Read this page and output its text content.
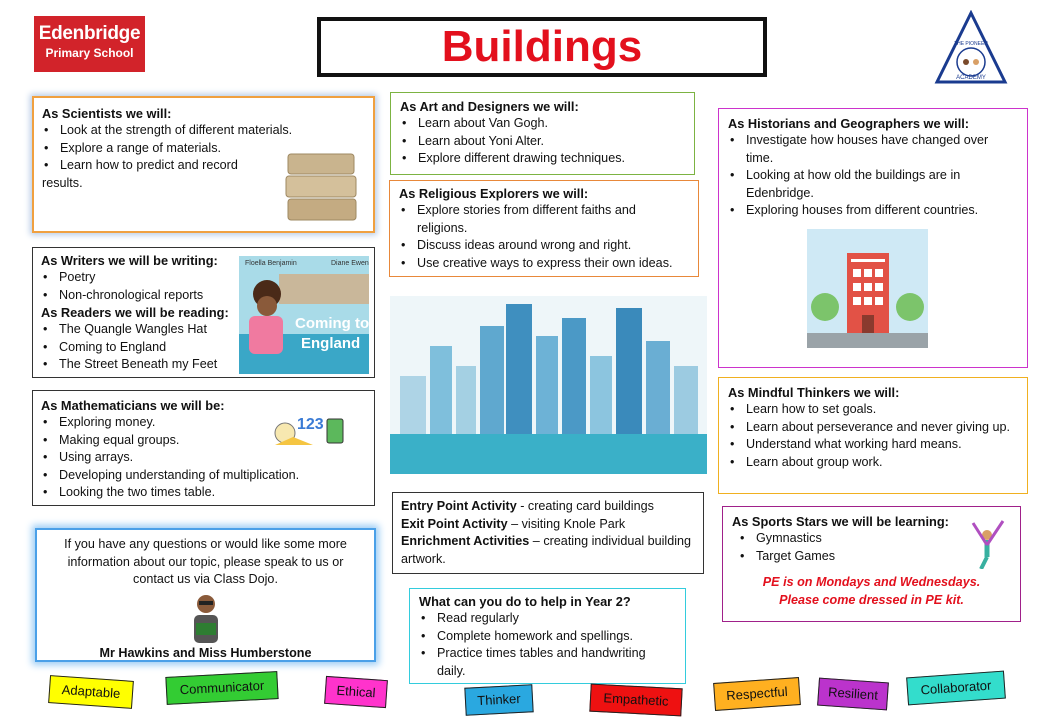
Edenbridge
Primary School	Buildings	THE PIONEER
ACADEMY
As Scientists we will:
• Look at the strength of different materials.
• Explore a range of materials.
• Learn how to predict and record
results.
As Writers we will be writing:
• Poetry
• Non-chronological reports
As Readers we will be reading:
• The Quangle Wangles Hat
• Coming to England
• The Street Beneath my Feet
Floella Benjamin	Diane Ewen
Coming to
England
As Mathematicians we will be:
• Exploring money.
• Making equal groups.
• Using arrays.
• Developing understanding of multiplication.
• Looking the two times table.
123
If you have any questions or would like some more information about our topic, please speak to us or contact us via Class Dojo.
Mr Hawkins and Miss Humberstone
As Art and Designers we will:
• Learn about Van Gogh.
• Learn about Yoni Alter.
• Explore different drawing techniques.
As Religious Explorers we will:
• Explore stories from different faiths and religions.
• Discuss ideas around wrong and right.
• Use creative ways to express their own ideas.
Entry Point Activity - creating card buildings
Exit Point Activity – visiting Knole Park
Enrichment Activities – creating individual building artwork.
What can you do to help in Year 2?
• Read regularly
• Complete homework and spellings.
• Practice times tables and handwriting daily.
As Historians and Geographers we will:
• Investigate how houses have changed over time.
• Looking at how old the buildings are in Edenbridge.
• Exploring houses from different countries.
As Mindful Thinkers we will:
• Learn how to set goals.
• Learn about perseverance and never giving up.
• Understand what working hard means.
• Learn about group work.
As Sports Stars we will be learning:
• Gymnastics
• Target Games
PE is on Mondays and Wednesdays.
Please come dressed in PE kit.
Adaptable	Communicator	Ethical	Thinker	Empathetic	Respectful	Resilient	Collaborator
